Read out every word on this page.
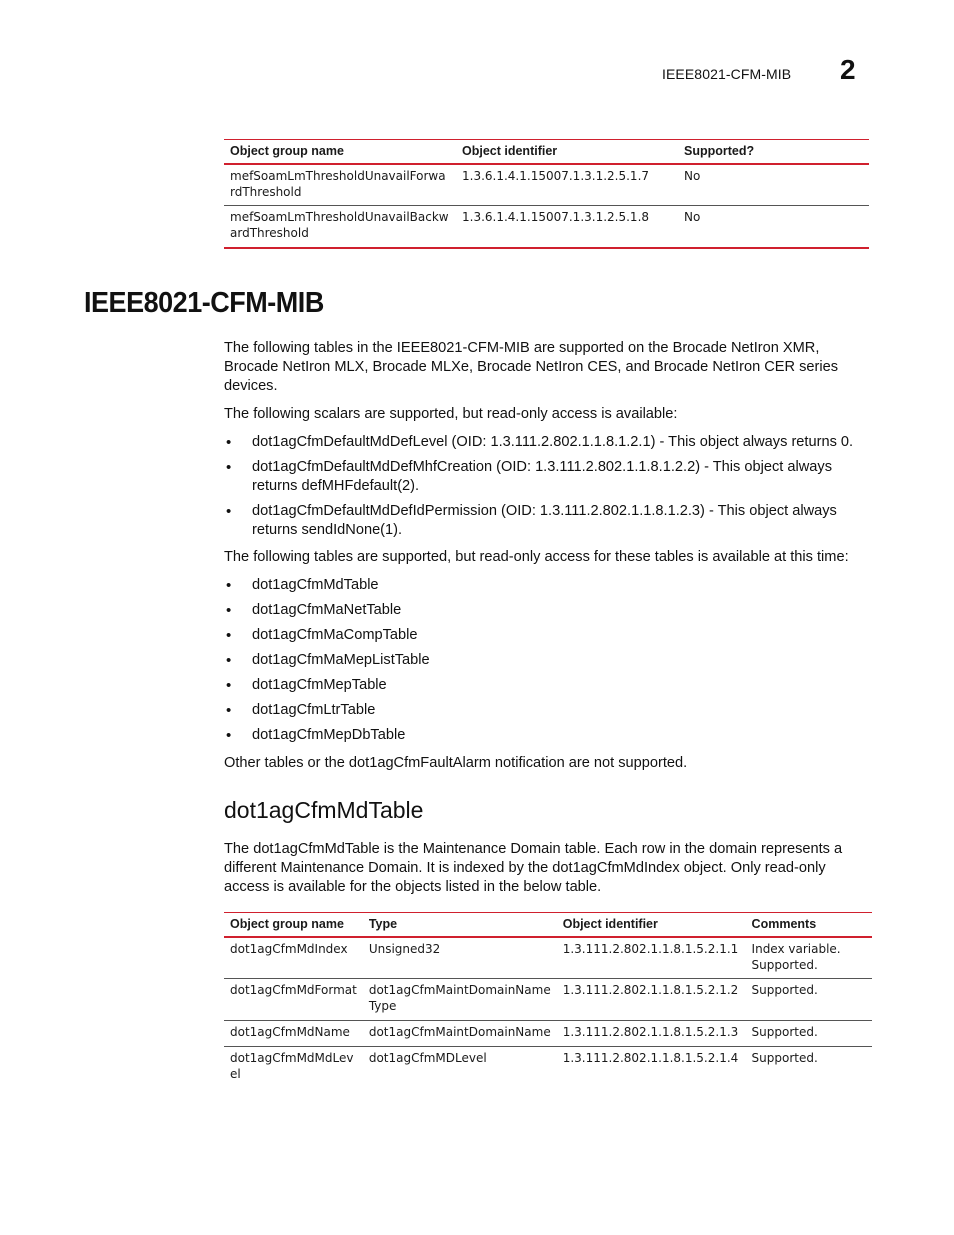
IEEE8021-CFM-MIB 2
Object group name	Object identifier	Supported?
mefSoamLmThresholdUnavailForwardThreshold	1.3.6.1.4.1.15007.1.3.1.2.5.1.7	No
mefSoamLmThresholdUnavailBackwardThreshold	1.3.6.1.4.1.15007.1.3.1.2.5.1.8	No
IEEE8021-CFM-MIB

The following tables in the IEEE8021-CFM-MIB are supported on the Brocade NetIron XMR, Brocade NetIron MLX, Brocade MLXe, Brocade NetIron CES, and Brocade NetIron CER series devices.

The following scalars are supported, but read-only access is available:

• dot1agCfmDefaultMdDefLevel (OID: 1.3.111.2.802.1.1.8.1.2.1) - This object always returns 0.
• dot1agCfmDefaultMdDefMhfCreation (OID: 1.3.111.2.802.1.1.8.1.2.2) - This object always returns defMHFdefault(2).
• dot1agCfmDefaultMdDefIdPermission (OID: 1.3.111.2.802.1.1.8.1.2.3) - This object always returns sendIdNone(1).

The following tables are supported, but read-only access for these tables is available at this time:

• dot1agCfmMdTable
• dot1agCfmMaNetTable
• dot1agCfmMaCompTable
• dot1agCfmMaMepListTable
• dot1agCfmMepTable
• dot1agCfmLtrTable
• dot1agCfmMepDbTable

Other tables or the dot1agCfmFaultAlarm notification are not supported.

dot1agCfmMdTable

The dot1agCfmMdTable is the Maintenance Domain table. Each row in the domain represents a different Maintenance Domain. It is indexed by the dot1agCfmMdIndex object. Only read-only access is available for the objects listed in the below table.

Object group name	Type	Object identifier	Comments
dot1agCfmMdIndex	Unsigned32	1.3.111.2.802.1.1.8.1.5.2.1.1	Index variable. Supported.
dot1agCfmMdFormat	dot1agCfmMaintDomainNameType	1.3.111.2.802.1.1.8.1.5.2.1.2	Supported.
dot1agCfmMdName	dot1agCfmMaintDomainName	1.3.111.2.802.1.1.8.1.5.2.1.3	Supported.
dot1agCfmMdMdLevel	dot1agCfmMDLevel	1.3.111.2.802.1.1.8.1.5.2.1.4	Supported.
